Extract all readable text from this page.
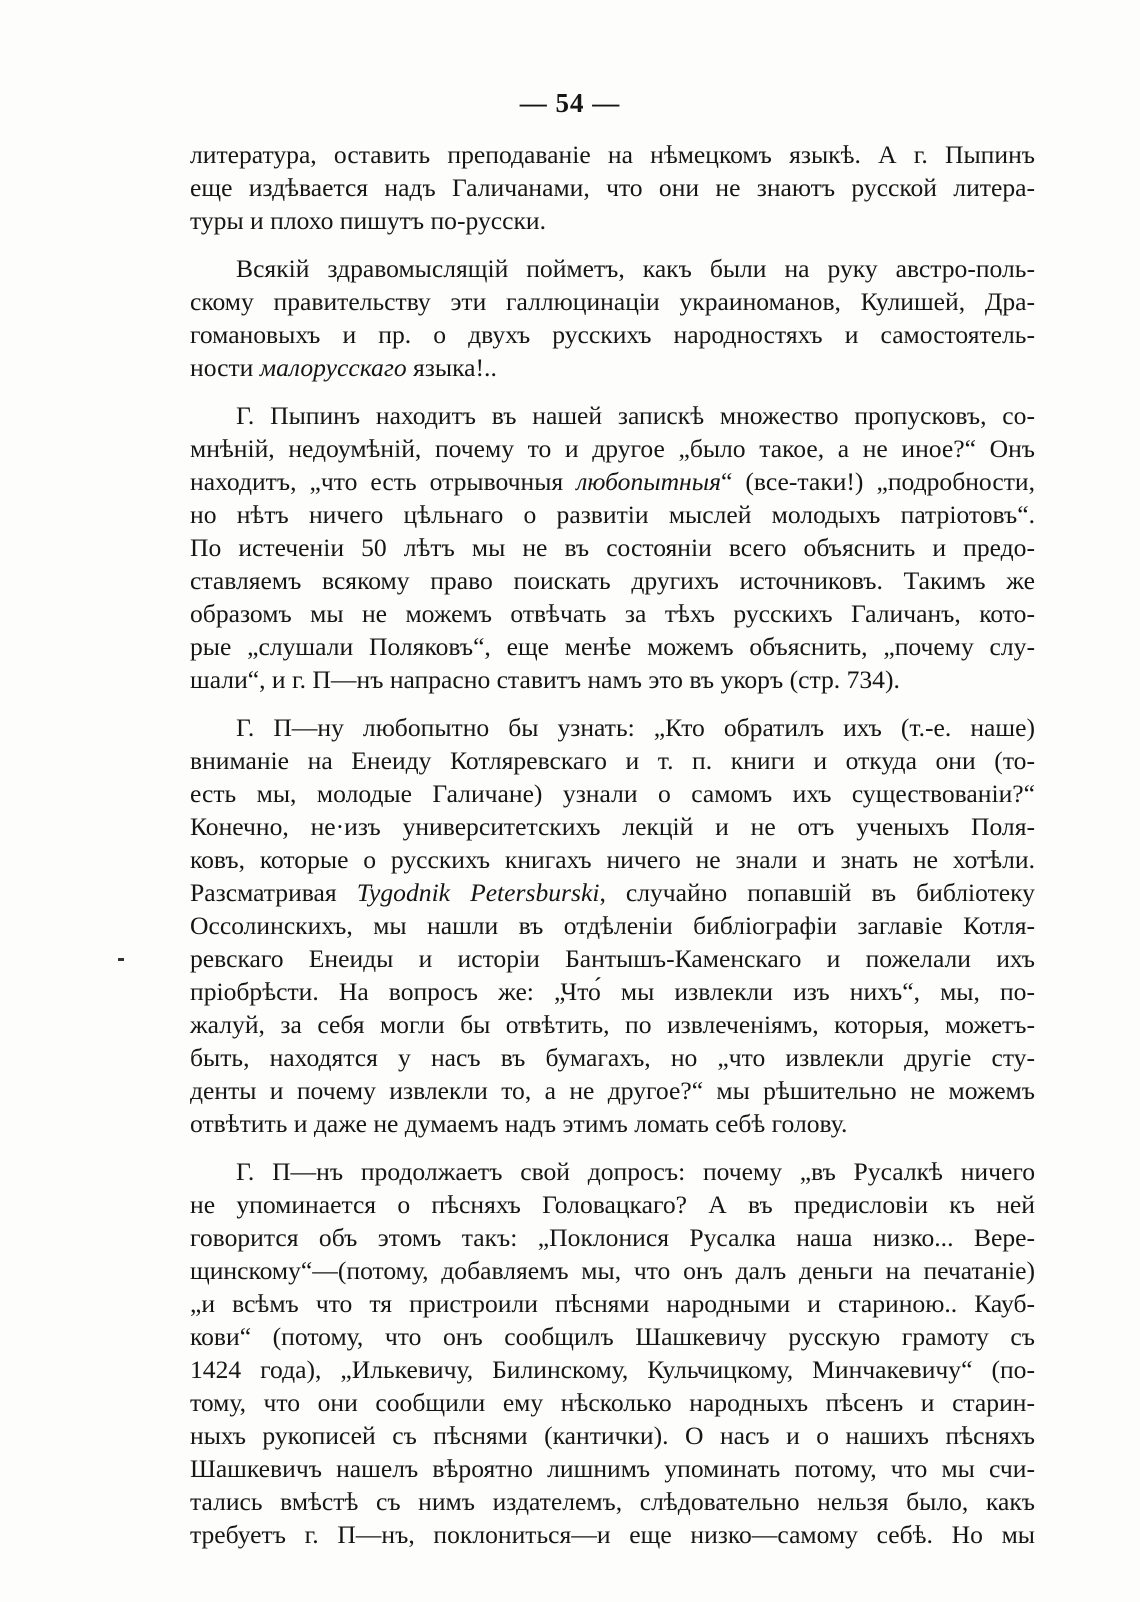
— 54 —
литература, оставить преподаванiе на нѣмецкомъ языкѣ. А г. Пыпинъ
еще издѣвается надъ Галичанами, что они не знаютъ русской литера-
туры и плохо пишутъ по-русски.
Всякiй здравомыслящiй пойметъ, какъ были на руку австро-поль-
скому правительству эти галлюцинацiи украиноманов, Кулишей, Дра-
гомановыхъ и пр. о двухъ русскихъ народностяхъ и самостоятель-
ности малорусскаго языка!..
Г. Пыпинъ находитъ въ нашей запискѣ множество пропусковъ, со-
мнѣнiй, недоумѣнiй, почему то и другое „было такое, а не иное?“ Онъ
находитъ, „что есть отрывочныя любопытныя“ (все-таки!) „подробности,
но нѣтъ ничего цѣльнаго о развитiи мыслей молодыхъ патрiотовъ“.
По истеченiи 50 лѣтъ мы не въ состоянiи всего объяснить и предо-
ставляемъ всякому право поискать другихъ источниковъ. Такимъ же
образомъ мы не можемъ отвѣчать за тѣхъ русскихъ Галичанъ, кото-
рые „слушали Поляковъ“, еще менѣе можемъ объяснить, „почему слу-
шали“, и г. П—нъ напрасно ставитъ намъ это въ укоръ (стр. 734).
Г. П—ну любопытно бы узнать: „Кто обратилъ ихъ (т.-е. наше)
вниманiе на Енеиду Котляревскаго и т. п. книги и откуда они (то-
есть мы, молодые Галичане) узнали о самомъ ихъ существованiи?“
Конечно, не·изъ университетскихъ лекцiй и не отъ ученыхъ Поля-
ковъ, которые о русскихъ книгахъ ничего не знали и знать не хотѣли.
Разсматривая Tygodnik Petersburski, случайно попавшiй въ библiотеку
Оссолинскихъ, мы нашли въ отдѣленiи библiографiи заглавiе Котля-
ревскаго Енеиды и исторiи Бантышъ-Каменскаго и пожелали ихъ
прiобрѣсти. На вопросъ же: „Что́ мы извлекли изъ нихъ“, мы, по-
жалуй, за себя могли бы отвѣтить, по извлеченiямъ, которыя, можетъ-
быть, находятся у насъ въ бумагахъ, но „что извлекли другiе сту-
денты и почему извлекли то, а не другое?“ мы рѣшительно не можемъ
отвѣтить и даже не думаемъ надъ этимъ ломать себѣ голову.
Г. П—нъ продолжаетъ свой допросъ: почему „въ Русалкѣ ничего
не упоминается о пѣсняхъ Головацкаго? А въ предисловiи къ ней
говорится объ этомъ такъ: „Поклонися Русалка наша низко... Вере-
щинскому“—(потому, добавляемъ мы, что онъ далъ деньги на печатанiе)
„и всѣмъ что тя пристроили пѣснями народными и стариною.. Кауб-
кови“ (потому, что онъ сообщилъ Шашкевичу русскую грамоту съ
1424 года), „Илькевичу, Билинскому, Кульчицкому, Минчакевичу“ (по-
тому, что они сообщили ему нѣсколько народныхъ пѣсенъ и старин-
ныхъ рукописей съ пѣснями (кантички). О насъ и о нашихъ пѣсняхъ
Шашкевичъ нашелъ вѣроятно лишнимъ упоминать потому, что мы счи-
тались вмѣстѣ съ нимъ издателемъ, слѣдовательно нельзя было, какъ
требуетъ г. П—нъ, поклониться—и еще низко—самому себѣ. Но мы
